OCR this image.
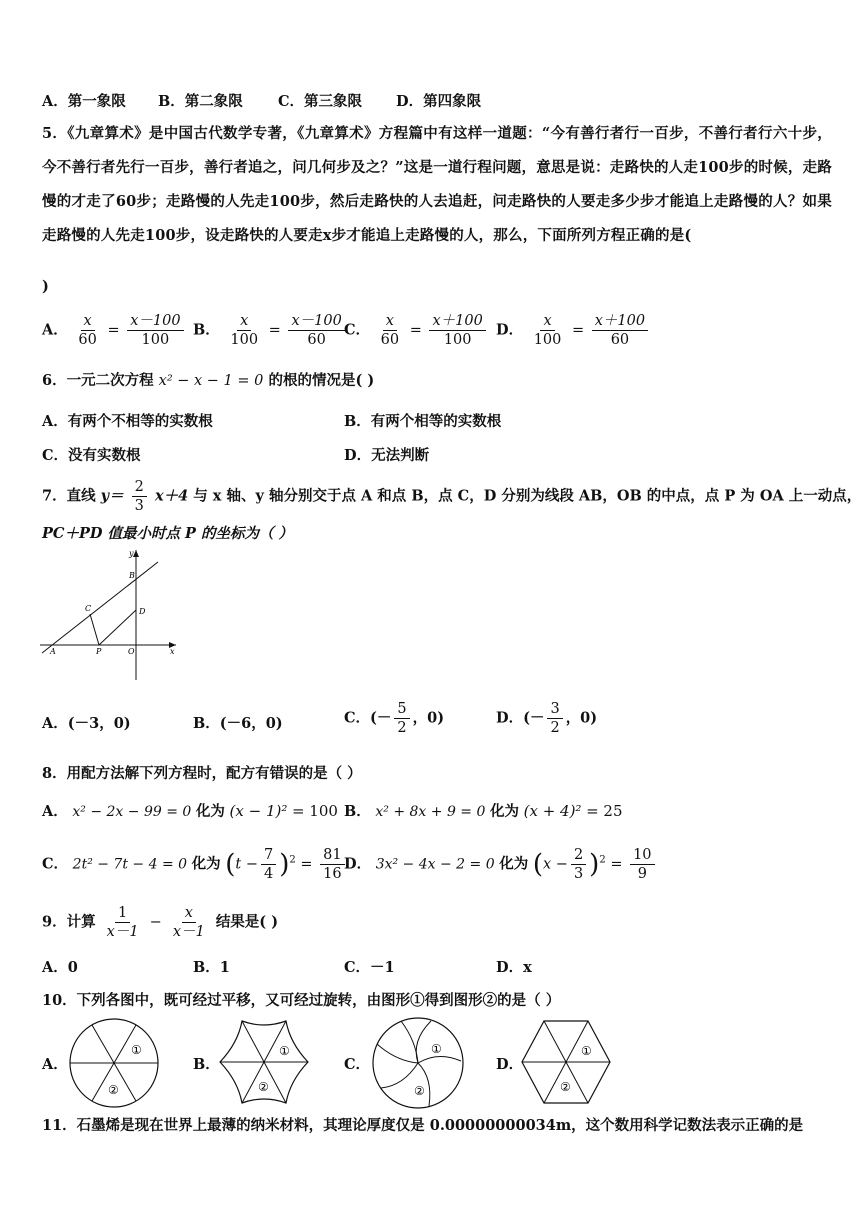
A．第一象限 B．第二象限 C．第三象限 D．第四象限
5．《九章算术》是中国古代数学专著，《九章算术》方程篇中有这样一道题：“今有善行者行一百步，不善行者行六十步，今不善行者先行一百步，善行者追之，问几何步及之？”这是一道行程问题，意思是说：走路快的人走100步的时候，走路慢的才走了60步；走路慢的人先走100步，然后走路快的人去追赶，问走路快的人要走多少步才能追上走路慢的人？如果走路慢的人先走100步，设走路快的人要走x步才能追上走路慢的人，那么，下面所列方程正确的是(
)
A． $\frac{x}{60} = \frac{x-100}{100}$ B． $\frac{x}{100} = \frac{x-100}{60}$ C． $\frac{x}{60} = \frac{x+100}{100}$ D． $\frac{x}{100} = \frac{x+100}{60}$
6．一元二次方程 x² − x − 1 = 0 的根的情况是( )
A．有两个不相等的实数根	B．有两个相等的实数根
C．没有实数根	D．无法判断
7．直线 $y= \frac{2}{3} x+4$ 与 x 轴、y 轴分别交于点 A 和点 B，点 C，D 分别为线段 AB，OB 的中点，点 P 为 OA 上一动点，
PC＋PD 值最小时点 P 的坐标为（ ）
y
x
B
C	D
A	P	O
A．(－3，0)	B．(－6，0)	C．(－ $\frac{5}{2}$ ，0)	D．(－ $\frac{3}{2}$ ，0)
8．用配方法解下列方程时，配方有错误的是（ ）
A． x² − 2x − 99 = 0 化为 (x − 1)² = 100 B． x² + 8x + 9 = 0 化为 (x + 4)² = 25
C． 2t² − 7t − 4 = 0 化为 $(t - \frac{7}{4} )^2 = \frac{81}{16}$ D． 3x² − 4x − 2 = 0 化为 $(x - \frac{2}{3} )^2 = \frac{10}{9}$
9．计算 $\frac{1}{x-1} - \frac{x}{x-1}$ 结果是( )
A．0	B．1	C．－1	D．x
10．下列各图中，既可经过平移，又可经过旋转，由图形①得到图形②的是（ ）
A．
①
②
B．
①
②
C．
①
②
D．
①
②
11．石墨烯是现在世界上最薄的纳米材料，其理论厚度仅是 0.00000000034m，这个数用科学记数法表示正确的是
